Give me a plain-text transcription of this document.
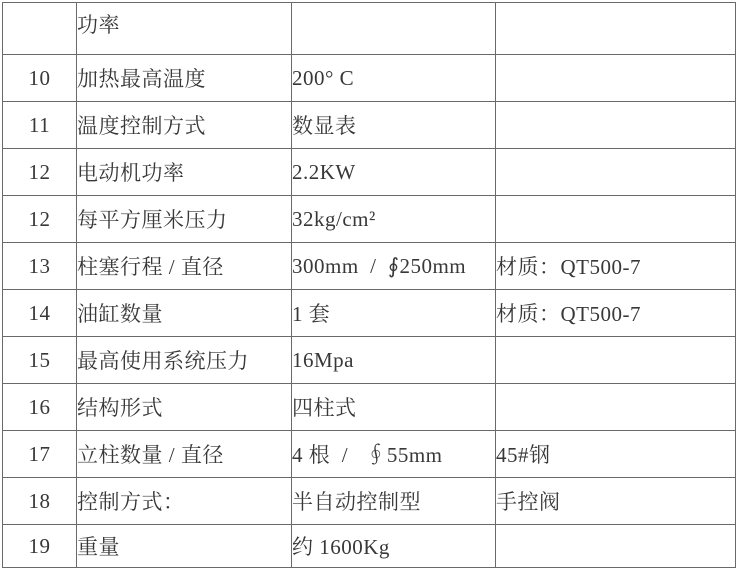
	功率		
10	加热最高温度	200° C	
11	温度控制方式	数显表	
12	电动机功率	2.2KW	
12	每平方厘米压力	32kg/cm²	
13	柱塞行程 / 直径	300mm  /  ∮250mm	材质：QT500-7
14	油缸数量	1 套	材质：QT500-7
15	最高使用系统压力	16Mpa	
16	结构形式	四柱式	
17	立柱数量 / 直径	4 根  /   ∮55mm	45#钢
18	控制方式：	半自动控制型	手控阀
19	重量	约 1600Kg	
